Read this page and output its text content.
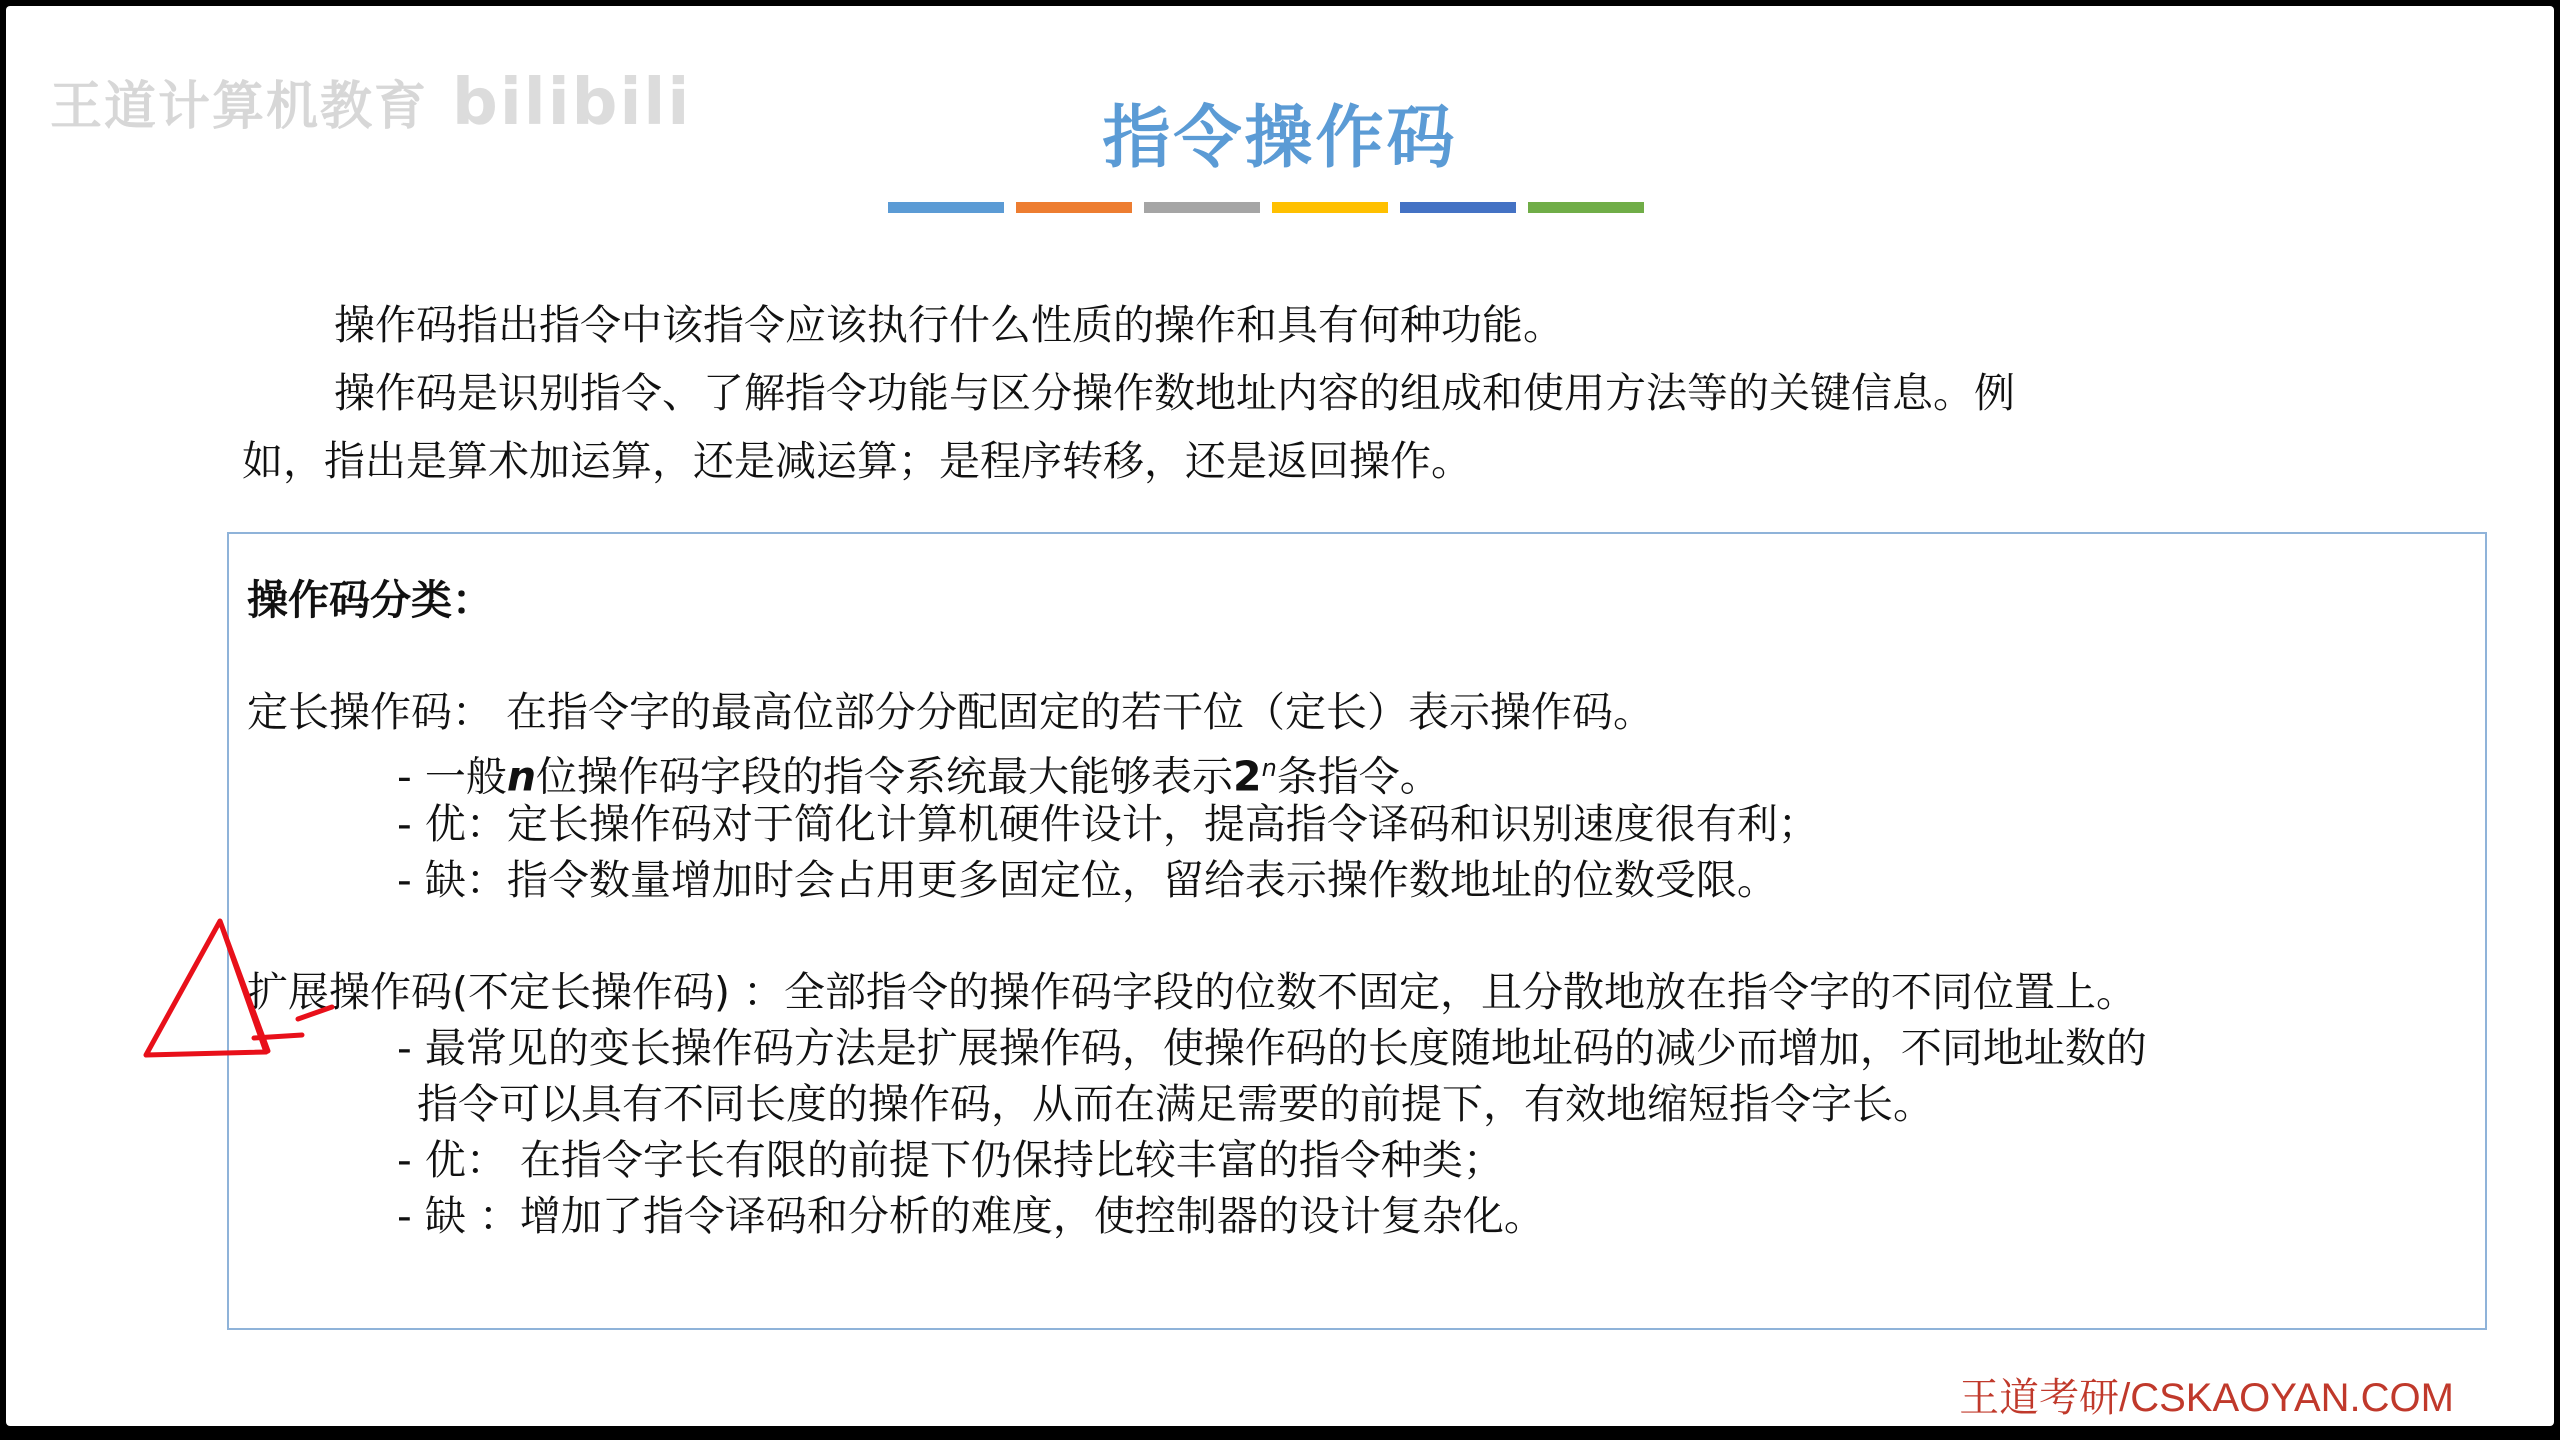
王道计算机教育 bilibili	指令操作码

操作码指出指令中该指令应该执行什么性质的操作和具有何种功能。

操作码是识别指令、了解指令功能与区分操作数地址内容的组成和使用方法等的关键信息。例

如，指出是算术加运算，还是减运算；是程序转移，还是返回操作。

操作码分类：
定长操作码： 在指令字的最高位部分分配固定的若干位（定长）表示操作码。
- 一般n位操作码字段的指令系统最大能够表示2$^n$条指令。
- 优：定长操作码对于简化计算机硬件设计，提高指令译码和识别速度很有利；
- 缺：指令数量增加时会占用更多固定位，留给表示操作数地址的位数受限。
扩展操作码(不定长操作码) ：全部指令的操作码字段的位数不固定，且分散地放在指令字的不同位置上。
- 最常见的变长操作码方法是扩展操作码，使操作码的长度随地址码的减少而增加，不同地址数的
指令可以具有不同长度的操作码，从而在满足需要的前提下，有效地缩短指令字长。
- 优： 在指令字长有限的前提下仍保持比较丰富的指令种类；
- 缺 ：增加了指令译码和分析的难度，使控制器的设计复杂化。
王道考研/CSKAOYAN.COM
